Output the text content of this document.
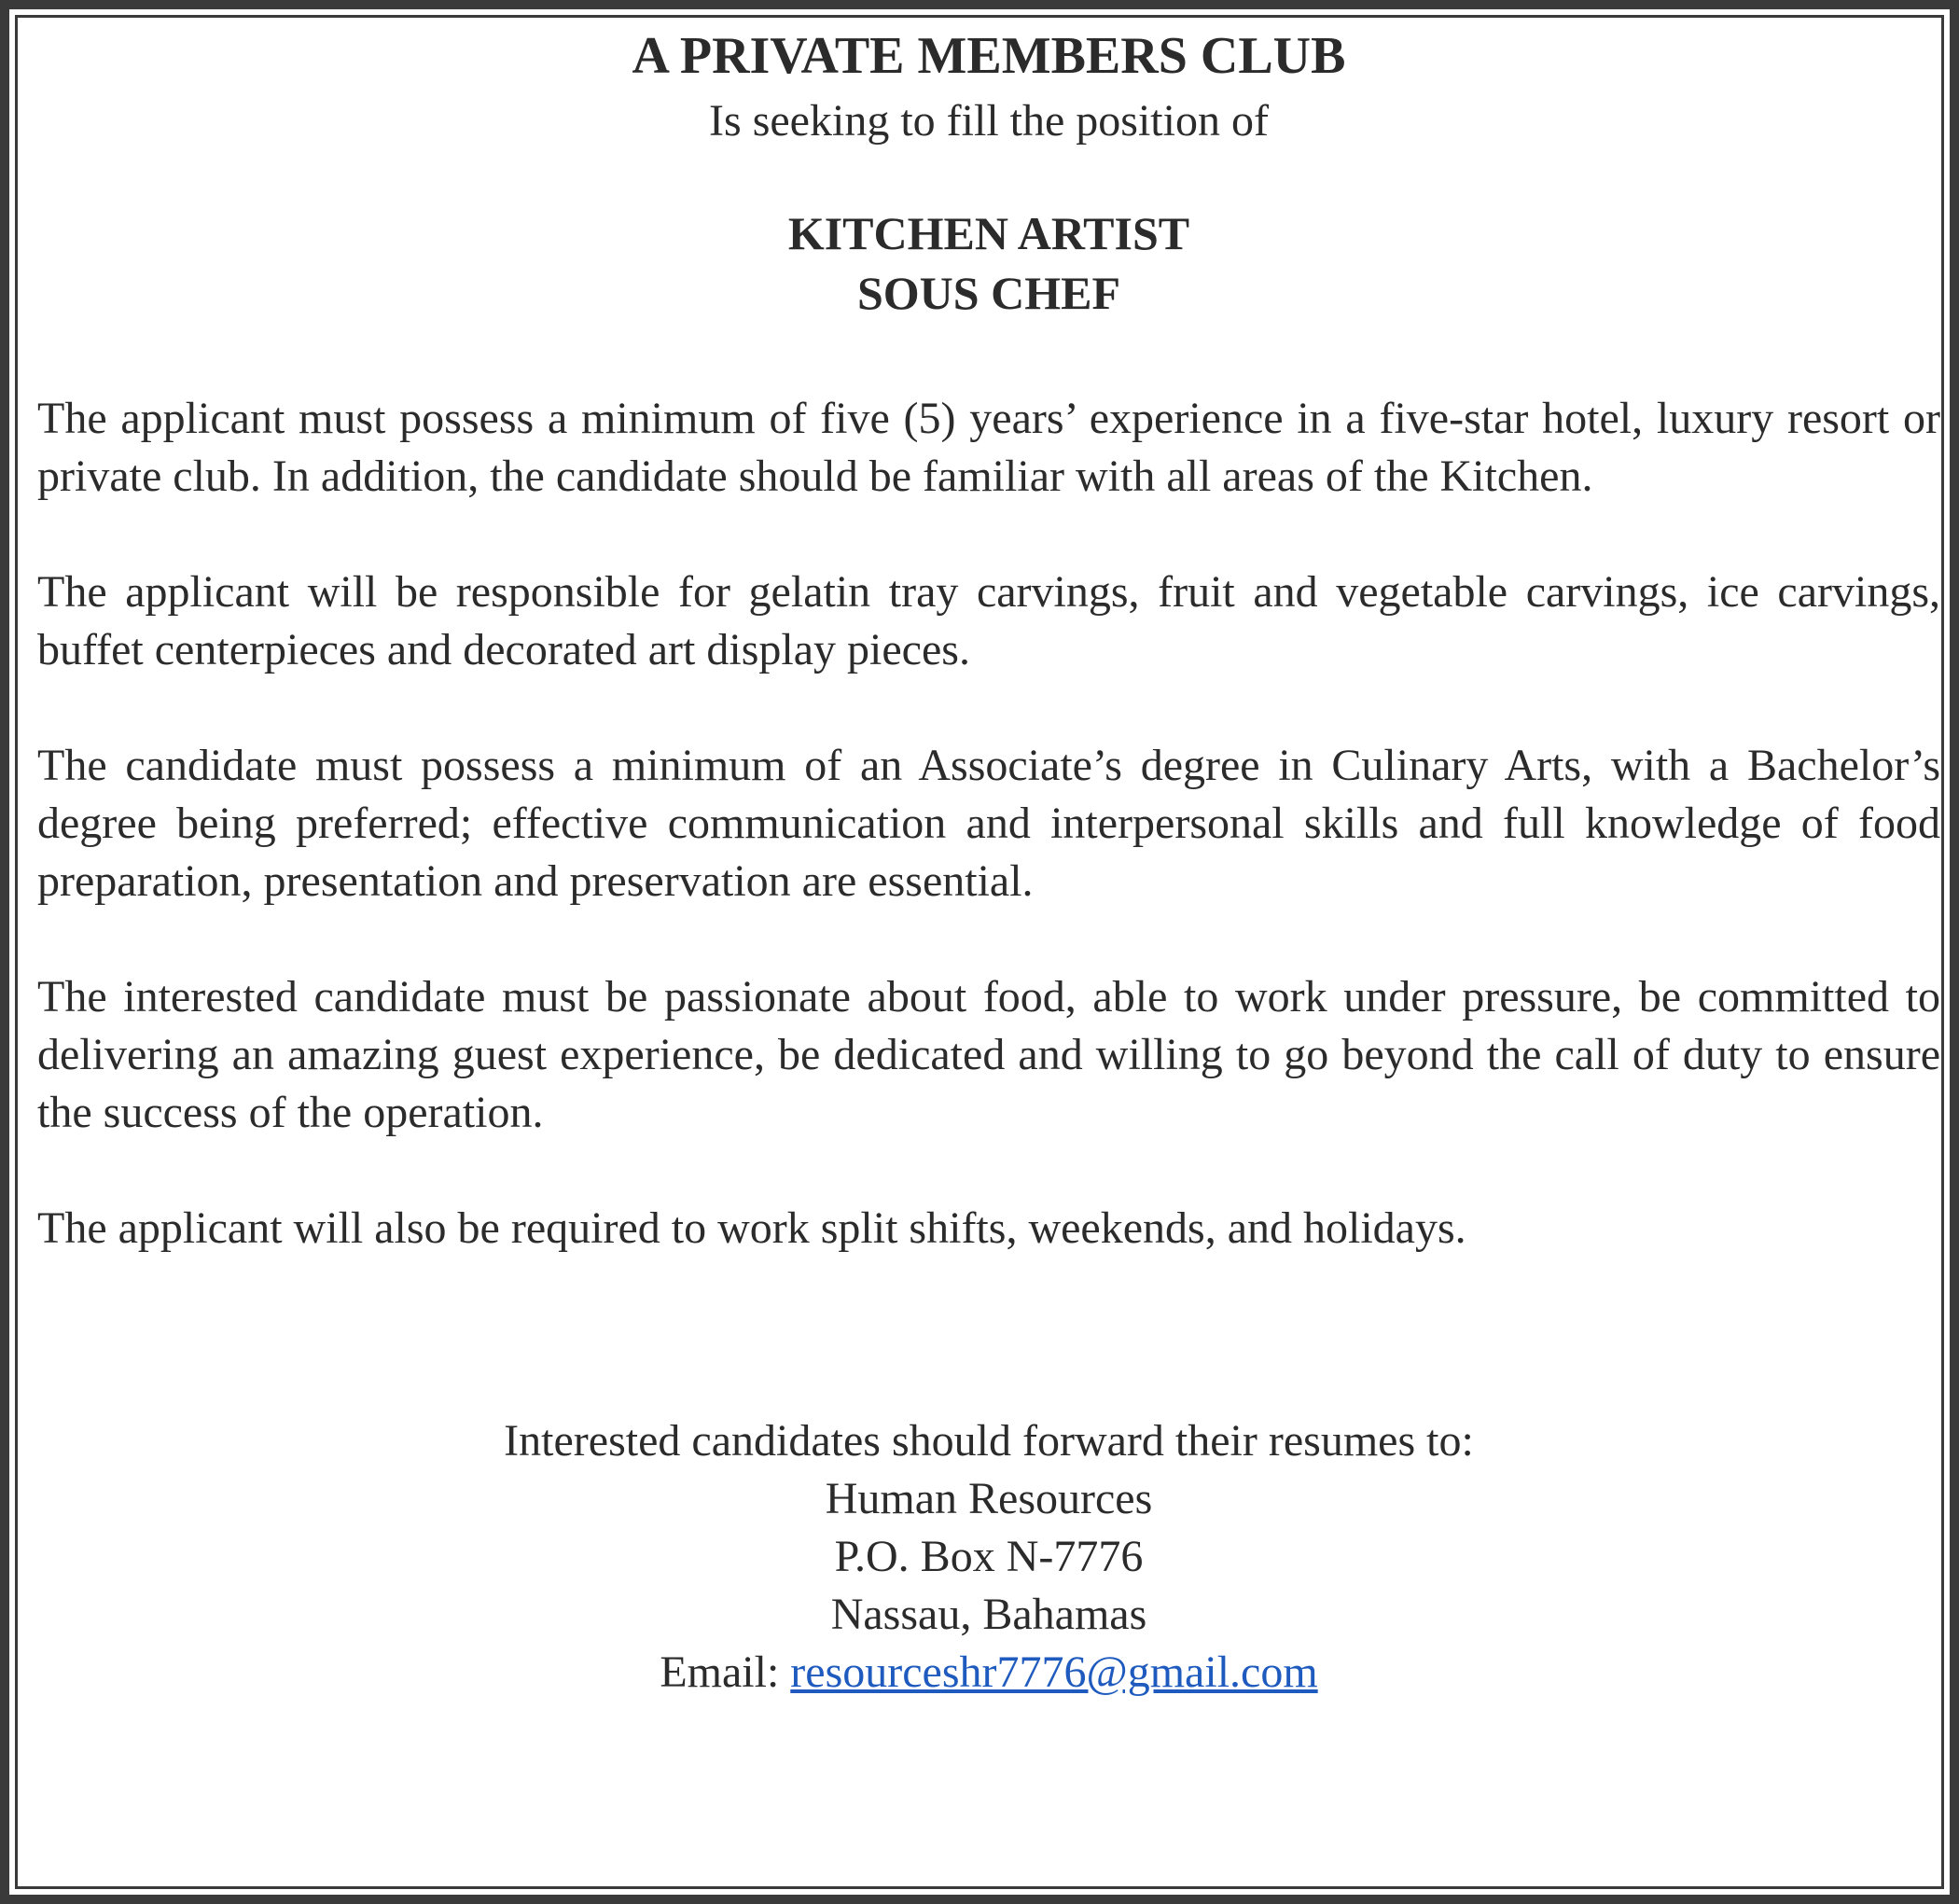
A PRIVATE MEMBERS CLUB

Is seeking to fill the position of

KITCHEN ARTIST

SOUS CHEF

The applicant must possess a minimum of five (5) years’ experience in a five-star hotel, luxury resort or private club. In addition, the candidate should be familiar with all areas of the Kitchen.

The applicant will be responsible for gelatin tray carvings, fruit and vegetable carvings, ice carvings, buffet centerpieces and decorated art display pieces.

The candidate must possess a minimum of an Associate’s degree in Culinary Arts, with a Bachelor’s degree being preferred; effective communication and interpersonal skills and full knowledge of food preparation, presentation and preservation are essential.

The interested candidate must be passionate about food, able to work under pressure, be committed to delivering an amazing guest experience, be dedicated and willing to go beyond the call of duty to ensure the success of the operation.

The applicant will also be required to work split shifts, weekends, and holidays.

Interested candidates should forward their resumes to:

Human Resources

P.O. Box N-7776

Nassau, Bahamas

Email: resourceshr7776@gmail.com
